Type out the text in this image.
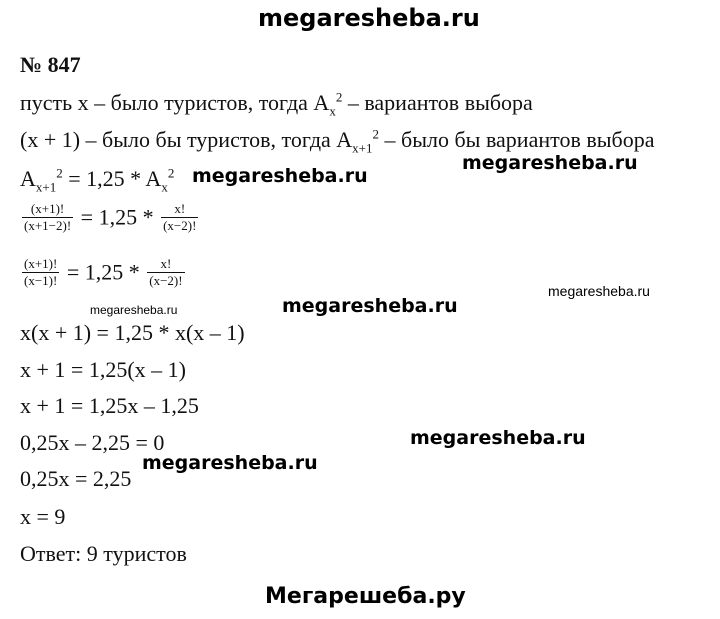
megaresheba.ru
№ 847
пусть x – было туристов, тогда $A_x^2$ – вариантов выбора
(x + 1) – было бы туристов, тогда $A_{x+1}^2$ – было бы вариантов выбора
megaresheba.ru
$A_{x+1}^2 = 1,25 * A_x^2$ megaresheba.ru
$\frac{(x+1)!}{(x+1-2)!} = 1,25 * \frac{x!}{(x-2)!}$
$\frac{(x+1)!}{(x-1)!} = 1,25 * \frac{x!}{(x-2)!}$
megaresheba.ru
megaresheba.ru	megaresheba.ru
x(x + 1) = 1,25 * x(x – 1)
x + 1 = 1,25(x – 1)
x + 1 = 1,25x – 1,25
megaresheba.ru
0,25x – 2,25 = 0
megaresheba.ru
0,25x = 2,25
x = 9
Ответ: 9 туристов
Мегарешеба.ру
